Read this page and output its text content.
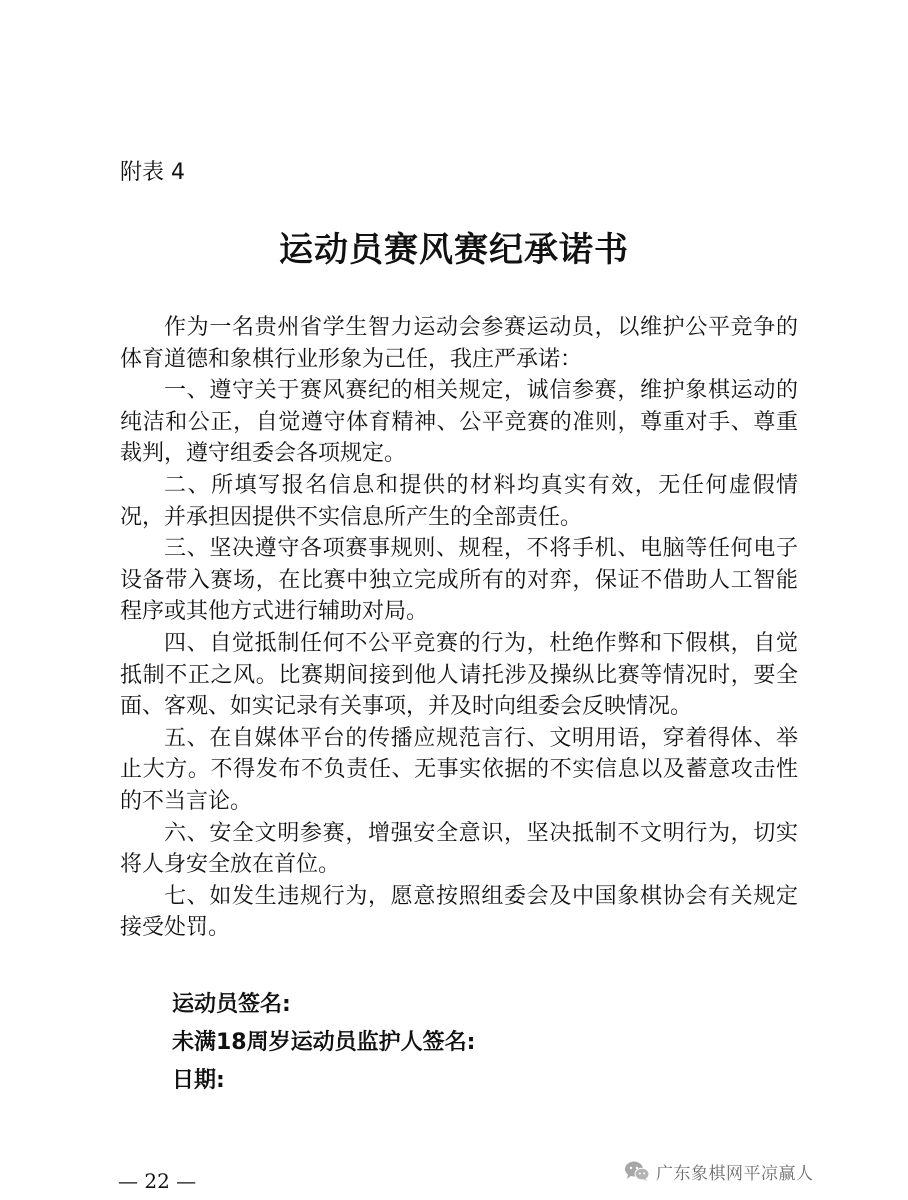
附表 4
运动员赛风赛纪承诺书

作为一名贵州省学生智力运动会参赛运动员，以维护公平竞争的体育道德和象棋行业形象为己任，我庄严承诺：

一、遵守关于赛风赛纪的相关规定，诚信参赛，维护象棋运动的纯洁和公正，自觉遵守体育精神、公平竞赛的准则，尊重对手、尊重裁判，遵守组委会各项规定。

二、所填写报名信息和提供的材料均真实有效，无任何虚假情况，并承担因提供不实信息所产生的全部责任。

三、坚决遵守各项赛事规则、规程，不将手机、电脑等任何电子设备带入赛场，在比赛中独立完成所有的对弈，保证不借助人工智能程序或其他方式进行辅助对局。

四、自觉抵制任何不公平竞赛的行为，杜绝作弊和下假棋，自觉抵制不正之风。比赛期间接到他人请托涉及操纵比赛等情况时，要全面、客观、如实记录有关事项，并及时向组委会反映情况。

五、在自媒体平台的传播应规范言行、文明用语，穿着得体、举止大方。不得发布不负责任、无事实依据的不实信息以及蓄意攻击性的不当言论。

六、安全文明参赛，增强安全意识，坚决抵制不文明行为，切实将人身安全放在首位。

七、如发生违规行为，愿意按照组委会及中国象棋协会有关规定接受处罚。

运动员签名:
未满18周岁运动员监护人签名:
日期:
— 22 —	广东象棋网平凉赢人
